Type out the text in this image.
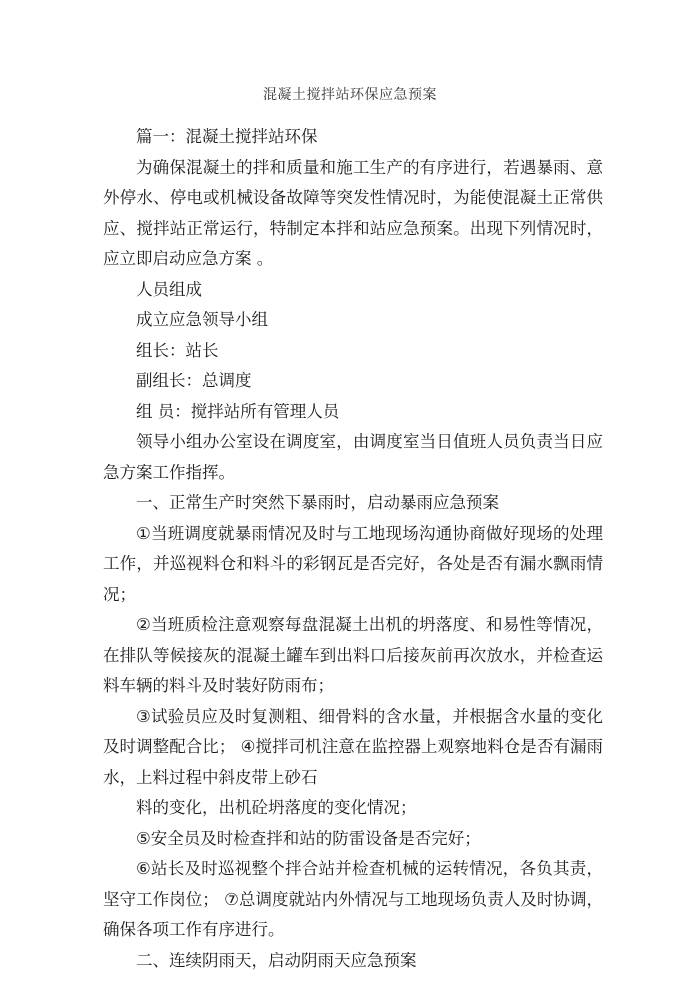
混凝土搅拌站环保应急预案

篇一：混凝土搅拌站环保

为确保混凝土的拌和质量和施工生产的有序进行，若遇暴雨、意外停水、停电或机械设备故障等突发性情况时，为能使混凝土正常供应、搅拌站正常运行，特制定本拌和站应急预案。出现下列情况时，应立即启动应急方案 。

人员组成

成立应急领导小组

组长：站长

副组长：总调度

组 员：搅拌站所有管理人员

领导小组办公室设在调度室，由调度室当日值班人员负责当日应急方案工作指挥。

一、正常生产时突然下暴雨时，启动暴雨应急预案

①当班调度就暴雨情况及时与工地现场沟通协商做好现场的处理工作，并巡视料仓和料斗的彩钢瓦是否完好，各处是否有漏水飘雨情况；

②当班质检注意观察每盘混凝土出机的坍落度、和易性等情况，在排队等候接灰的混凝土罐车到出料口后接灰前再次放水，并检查运料车辆的料斗及时装好防雨布；

③试验员应及时复测粗、细骨料的含水量，并根据含水量的变化及时调整配合比； ④搅拌司机注意在监控器上观察地料仓是否有漏雨水，上料过程中斜皮带上砂石

料的变化，出机砼坍落度的变化情况；

⑤安全员及时检查拌和站的防雷设备是否完好；

⑥站长及时巡视整个拌合站并检查机械的运转情况，各负其责，坚守工作岗位； ⑦总调度就站内外情况与工地现场负责人及时协调，确保各项工作有序进行。

二、连续阴雨天，启动阴雨天应急预案
